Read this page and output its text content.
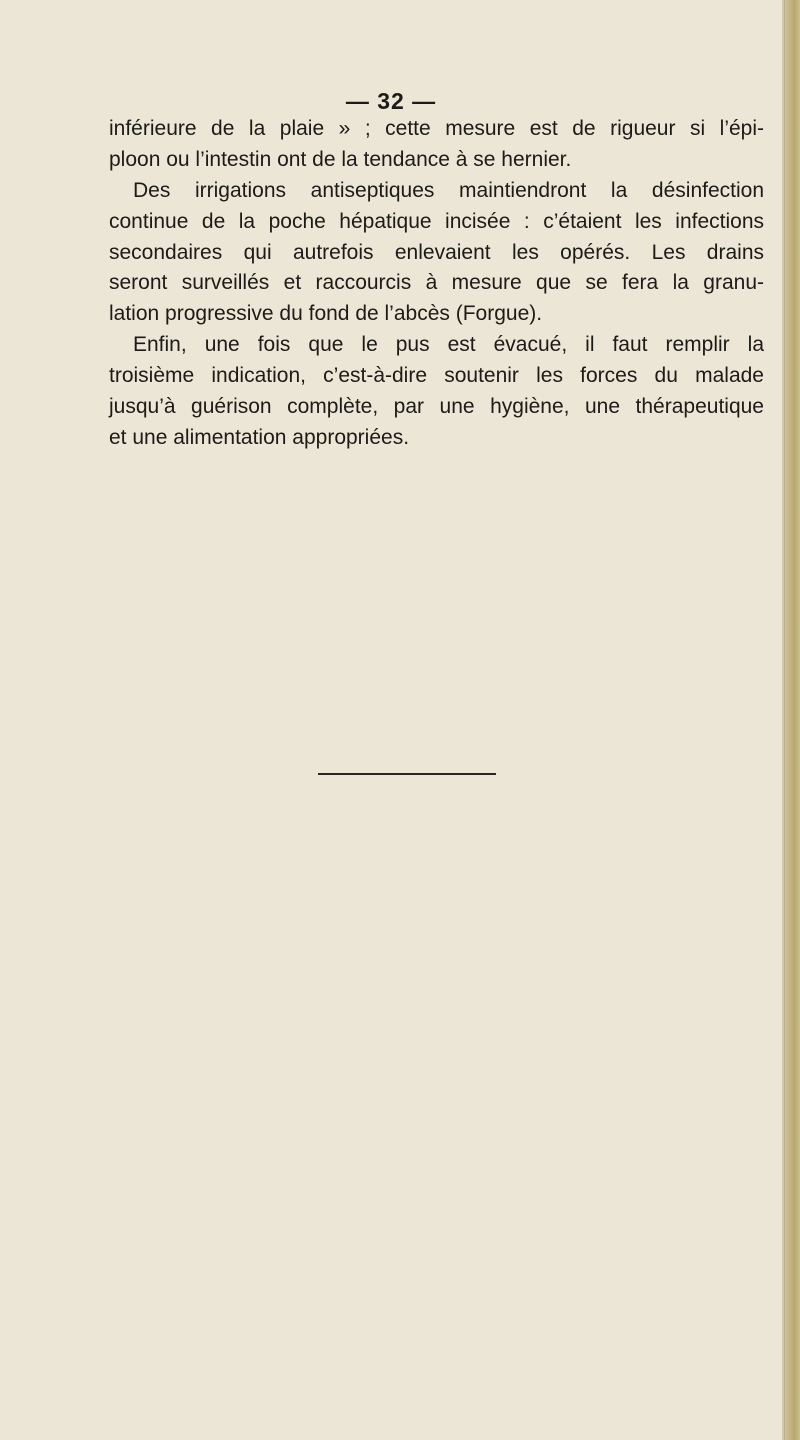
— 32 —
inférieure de la plaie » ; cette mesure est de rigueur si l’épi-
ploon ou l’intestin ont de la tendance à se hernier.
Des irrigations antiseptiques maintiendront la désinfection
continue de la poche hépatique incisée : c’étaient les infections
secondaires qui autrefois enlevaient les opérés. Les drains
seront surveillés et raccourcis à mesure que se fera la granu-
lation progressive du fond de l’abcès (Forgue).
Enfin, une fois que le pus est évacué, il faut remplir la
troisième indication, c’est-à-dire soutenir les forces du malade
jusqu’à guérison complète, par une hygiène, une thérapeutique
et une alimentation appropriées.
